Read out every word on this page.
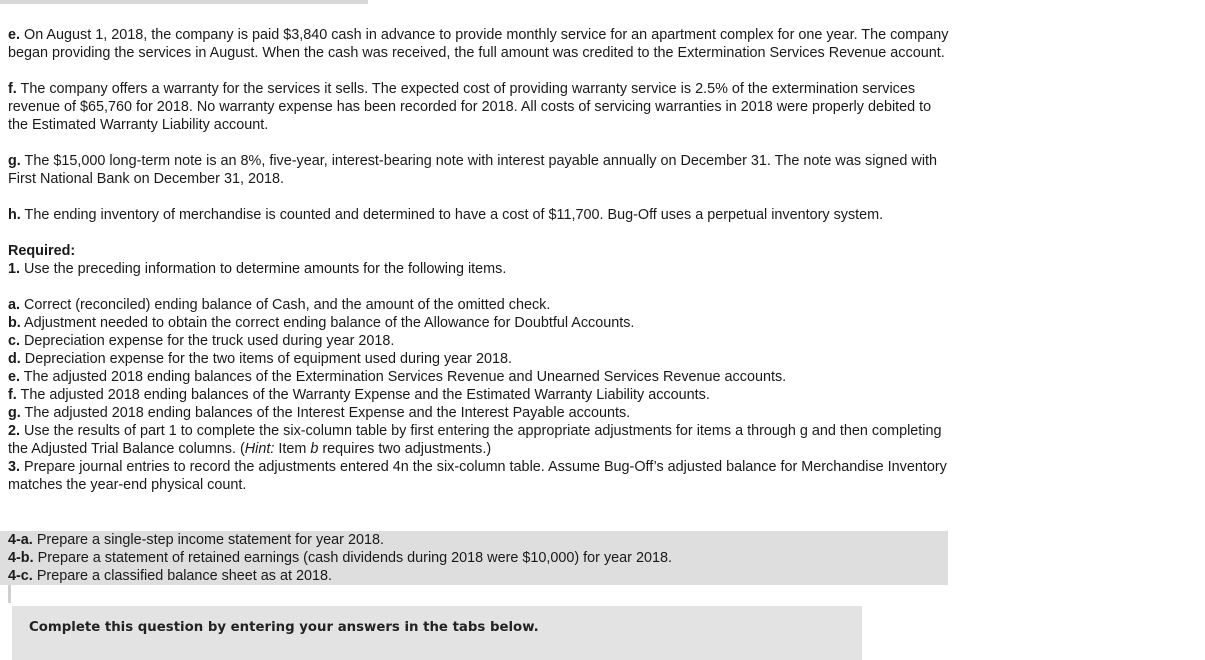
e. On August 1, 2018, the company is paid $3,840 cash in advance to provide monthly service for an apartment complex for one year. The company began providing the services in August. When the cash was received, the full amount was credited to the Extermination Services Revenue account.
f. The company offers a warranty for the services it sells. The expected cost of providing warranty service is 2.5% of the extermination services revenue of $65,760 for 2018. No warranty expense has been recorded for 2018. All costs of servicing warranties in 2018 were properly debited to the Estimated Warranty Liability account.
g. The $15,000 long-term note is an 8%, five-year, interest-bearing note with interest payable annually on December 31. The note was signed with First National Bank on December 31, 2018.
h. The ending inventory of merchandise is counted and determined to have a cost of $11,700. Bug-Off uses a perpetual inventory system.
Required:
1. Use the preceding information to determine amounts for the following items.
a. Correct (reconciled) ending balance of Cash, and the amount of the omitted check.
b. Adjustment needed to obtain the correct ending balance of the Allowance for Doubtful Accounts.
c. Depreciation expense for the truck used during year 2018.
d. Depreciation expense for the two items of equipment used during year 2018.
e. The adjusted 2018 ending balances of the Extermination Services Revenue and Unearned Services Revenue accounts.
f. The adjusted 2018 ending balances of the Warranty Expense and the Estimated Warranty Liability accounts.
g. The adjusted 2018 ending balances of the Interest Expense and the Interest Payable accounts.
2. Use the results of part 1 to complete the six-column table by first entering the appropriate adjustments for items a through g and then completing the Adjusted Trial Balance columns. (Hint: Item b requires two adjustments.)
3. Prepare journal entries to record the adjustments entered 4n the six-column table. Assume Bug-Off’s adjusted balance for Merchandise Inventory matches the year-end physical count.
4-a. Prepare a single-step income statement for year 2018.
4-b. Prepare a statement of retained earnings (cash dividends during 2018 were $10,000) for year 2018.
4-c. Prepare a classified balance sheet as at 2018.
Complete this question by entering your answers in the tabs below.
